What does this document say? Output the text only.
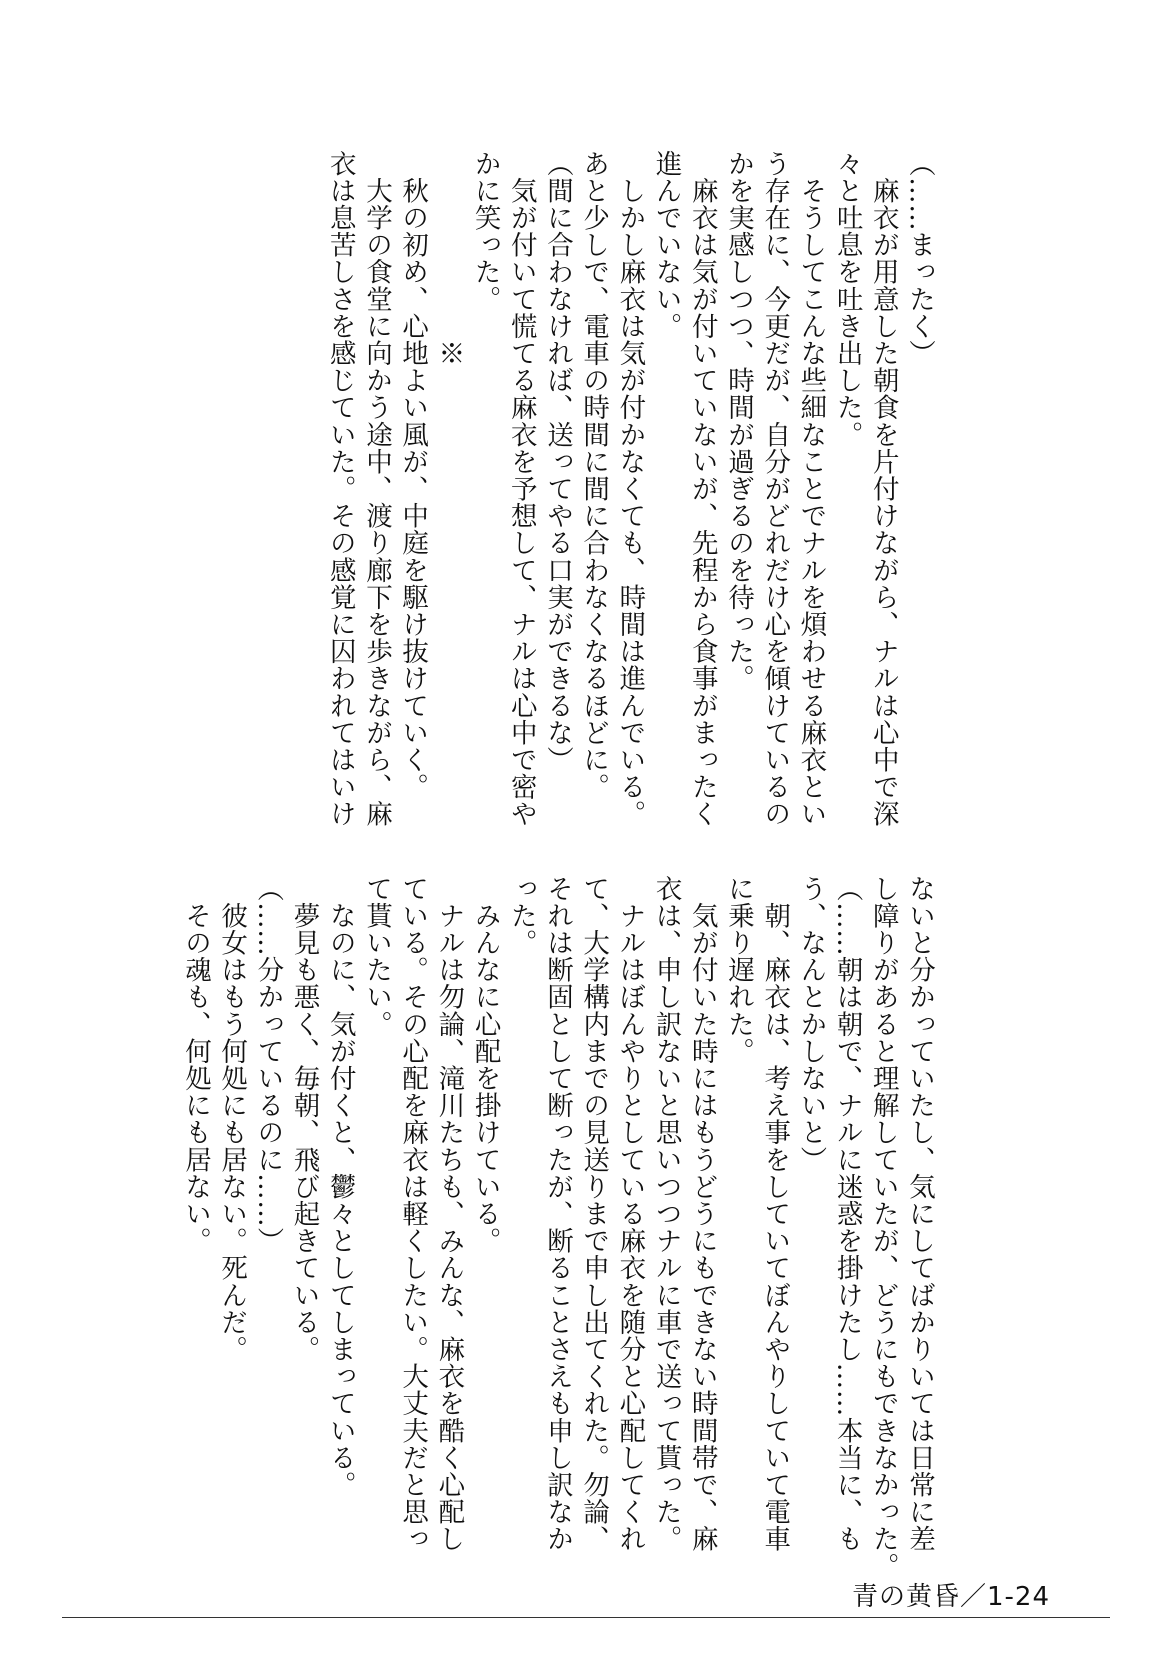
（……まったく）

　麻衣が用意した朝食を片付けながら、ナルは心中で深

々と吐息を吐き出した。

　そうしてこんな些細なことでナルを煩わせる麻衣とい

う存在に、今更だが、自分がどれだけ心を傾けているの

かを実感しつつ、時間が過ぎるのを待った。

　麻衣は気が付いていないが、先程から食事がまったく

進んでいない。

　しかし麻衣は気が付かなくても、時間は進んでいる。

あと少しで、電車の時間に間に合わなくなるほどに。

（間に合わなければ、送ってやる口実ができるな）

　気が付いて慌てる麻衣を予想して、ナルは心中で密や

かに笑った。

　　　　　　　※

　秋の初め、心地よい風が、中庭を駆け抜けていく。

　大学の食堂に向かう途中、渡り廊下を歩きながら、麻

衣は息苦しさを感じていた。その感覚に囚われてはいけ

ないと分かっていたし、気にしてばかりいては日常に差

し障りがあると理解していたが、どうにもできなかった。

（……朝は朝で、ナルに迷惑を掛けたし……本当に、も

う、なんとかしないと）

　朝、麻衣は、考え事をしていてぼんやりしていて電車

に乗り遅れた。

　気が付いた時にはもうどうにもできない時間帯で、麻

衣は、申し訳ないと思いつつナルに車で送って貰った。

　ナルはぼんやりとしている麻衣を随分と心配してくれ

て、大学構内までの見送りまで申し出てくれた。勿論、

それは断固として断ったが、断ることさえも申し訳なか

った。

　みんなに心配を掛けている。

　ナルは勿論、滝川たちも、みんな、麻衣を酷く心配し

ている。その心配を麻衣は軽くしたい。大丈夫だと思っ

て貰いたい。

　なのに、気が付くと、鬱々としてしまっている。

　夢見も悪く、毎朝、飛び起きている。

（……分かっているのに……）

　彼女はもう何処にも居ない。死んだ。

　その魂も、何処にも居ない。

青の黄昏／1-24
